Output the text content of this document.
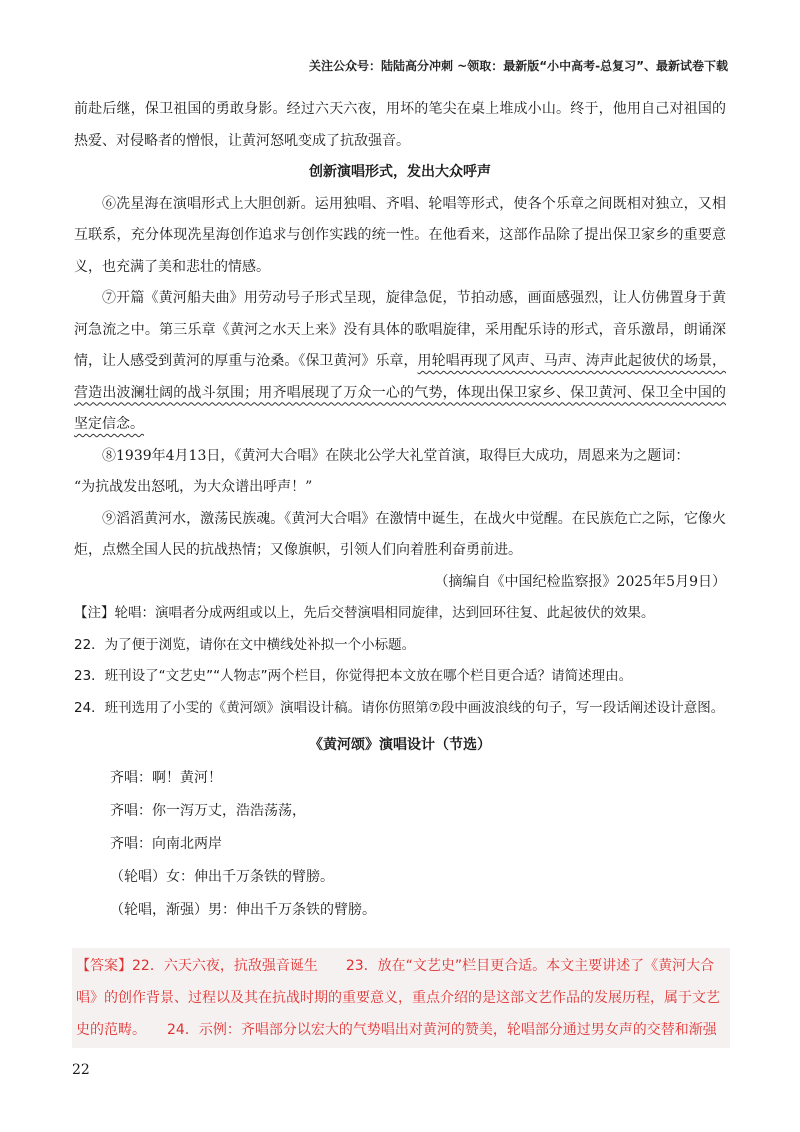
关注公众号：陆陆高分冲刺 ~领取：最新版“小中高考-总复习”、最新试卷下载

前赴后继，保卫祖国的勇敢身影。经过六天六夜，用坏的笔尖在桌上堆成小山。终于，他用自己对祖国的热爱、对侵略者的憎恨，让黄河怒吼变成了抗敌强音。

创新演唱形式，发出大众呼声

⑥冼星海在演唱形式上大胆创新。运用独唱、齐唱、轮唱等形式，使各个乐章之间既相对独立，又相互联系，充分体现冼星海创作追求与创作实践的统一性。在他看来，这部作品除了提出保卫家乡的重要意义，也充满了美和悲壮的情感。

⑦开篇《黄河船夫曲》用劳动号子形式呈现，旋律急促，节拍动感，画面感强烈，让人仿佛置身于黄河急流之中。第三乐章《黄河之水天上来》没有具体的歌唱旋律，采用配乐诗的形式，音乐激昂，朗诵深情，让人感受到黄河的厚重与沧桑。《保卫黄河》乐章，用轮唱再现了风声、马声、涛声此起彼伏的场景，营造出波澜壮阔的战斗氛围；用齐唱展现了万众一心的气势，体现出保卫家乡、保卫黄河、保卫全中国的坚定信念。

⑧1939年4月13日，《黄河大合唱》在陕北公学大礼堂首演，取得巨大成功，周恩来为之题词：

“为抗战发出怒吼，为大众谱出呼声！”

⑨滔滔黄河水，激荡民族魂。《黄河大合唱》在激情中诞生，在战火中觉醒。在民族危亡之际，它像火炬，点燃全国人民的抗战热情；又像旗帜，引领人们向着胜利奋勇前进。

（摘编自《中国纪检监察报》2025年5月9日）

【注】轮唱：演唱者分成两组或以上，先后交替演唱相同旋律，达到回环往复、此起彼伏的效果。

22．为了便于浏览，请你在文中横线处补拟一个小标题。

23．班刊设了“文艺史”“人物志”两个栏目，你觉得把本文放在哪个栏目更合适？请简述理由。

24．班刊选用了小雯的《黄河颂》演唱设计稿。请你仿照第⑦段中画波浪线的句子，写一段话阐述设计意图。

《黄河颂》演唱设计（节选）

齐唱：啊！黄河！

齐唱：你一泻万丈，浩浩荡荡，

齐唱：向南北两岸

（轮唱）女：伸出千万条铁的臂膀。

（轮唱，渐强）男：伸出千万条铁的臂膀。

【答案】22．六天六夜，抗敌强音诞生　　23．放在“文艺史”栏目更合适。本文主要讲述了《黄河大合唱》的创作背景、过程以及其在抗战时期的重要意义，重点介绍的是这部文艺作品的发展历程，属于文艺史的范畴。　　24．示例：齐唱部分以宏大的气势唱出对黄河的赞美，轮唱部分通过男女声的交替和渐强
22
